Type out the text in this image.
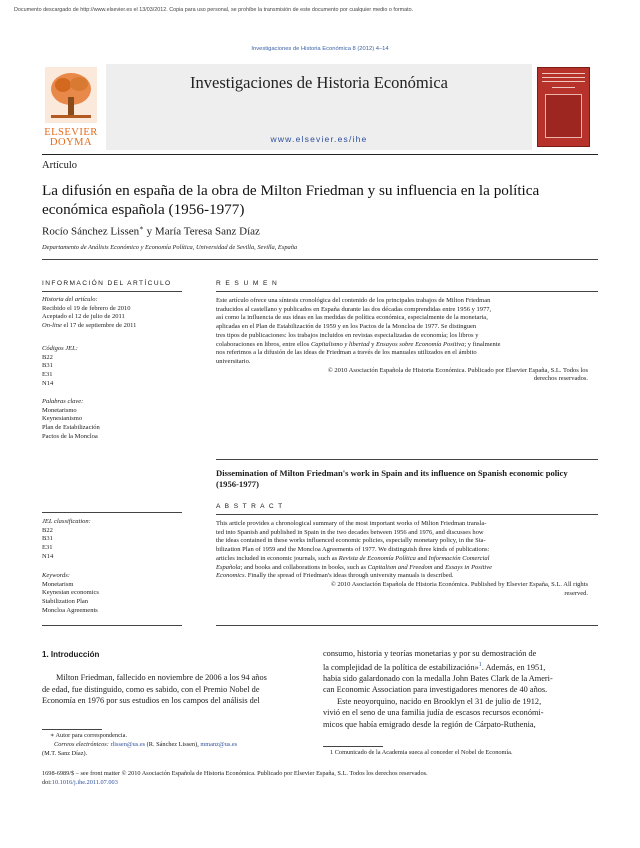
Documento descargado de http://www.elsevier.es el 13/03/2012. Copia para uso personal, se prohíbe la transmisión de este documento por cualquier medio o formato.
Investigaciones de Historia Económica 8 (2012) 4–14
ELSEVIER
DOYMA
Investigaciones de Historia Económica
www.elsevier.es/ihe
Artículo
La difusión en españa de la obra de Milton Friedman y su influencia en la política económica española (1956-1977)
Rocío Sánchez Lissen∗ y María Teresa Sanz Díaz
Departamento de Análisis Económico y Economía Política, Universidad de Sevilla, Sevilla, España
INFORMACIÓN DEL ARTÍCULO
Historia del artículo:
Recibido el 19 de febrero de 2010
Aceptado el 12 de julio de 2011
On-line el 17 de septiembre de 2011
Códigos JEL:
B22
B31
E31
N14
Palabras clave:
Monetarismo
Keynesianismo
Plan de Estabilización
Pactos de la Moncloa
JEL classification:
B22
B31
E31
N14
Keywords:
Monetarism
Keynesian economics
Stabilization Plan
Moncloa Agreements
R E S U M E N
Este artículo ofrece una síntesis cronológica del contenido de los principales trabajos de Milton Friedman
traducidos al castellano y publicados en España durante las dos décadas comprendidas entre 1956 y 1977,
así como la influencia de sus ideas en las medidas de política económica, especialmente de la monetaria,
aplicadas en el Plan de Estabilización de 1959 y en los Pactos de la Moncloa de 1977. Se distinguen
tres tipos de publicaciones: los trabajos incluidos en revistas especializadas de economía; los libros y
colaboraciones en libros, entre ellos Capitalismo y libertad y Ensayos sobre Economía Positiva; y finalmente
nos referimos a la difusión de las ideas de Friedman a través de los manuales utilizados en el ámbito
universitario.
© 2010 Asociación Española de Historia Económica. Publicado por Elsevier España, S.L. Todos los
derechos reservados.
Dissemination of Milton Friedman's work in Spain and its influence on Spanish economic policy (1956-1977)
A B S T R A C T
This article provides a chronological summary of the most important works of Milton Friedman transla-
ted into Spanish and published in Spain in the two decades between 1956 and 1976, and discusses how
the ideas contained in these works influenced economic policies, especially monetary policy, in the Sta-
bilization Plan of 1959 and the Moncloa Agreements of 1977. We distinguish three kinds of publications:
articles included in economic journals, such as Revista de Economía Política and Información Comercial
Española; and books and collaborations in books, such as Capitalism and Freedom and Essays in Positive
Economics. Finally the spread of Friedman's ideas through university manuals is described.
© 2010 Asociación Española de Historia Económica. Published by Elsevier España, S.L. All rights
reserved.
1. Introducción

Milton Friedman, fallecido en noviembre de 2006 a los 94 años

de edad, fue distinguido, como es sabido, con el Premio Nobel de
Economía en 1976 por sus estudios en los campos del análisis del
consumo, historia y teorías monetarias y por su demostración de
la complejidad de la política de estabilización»$^1$. Además, en 1951,
habia sido galardonado con la medalla John Bates Clark de la Ameri-
can Economic Association para investigadores menores de 40 años.

Este neoyorquino, nacido en Brooklyn el 31 de julio de 1912,

vivió en el seno de una familia judía de escasos recursos económi-
micos que había emigrado desde la región de Cárpato-Ruthenia,
∗ Autor para correspondencia.
Correos electrónicos: rlissen@us.es (R. Sánchez Lissen), mmanz@us.es
(M.T. Sanz Díaz).	1 Comunicado de la Academia sueca al conceder el Nobel de Economía.
1698-6989/$ – see front matter © 2010 Asociación Española de Historia Económica. Publicado por Elsevier España, S.L. Todos los derechos reservados.
doi:10.1016/j.ihe.2011.07.003
